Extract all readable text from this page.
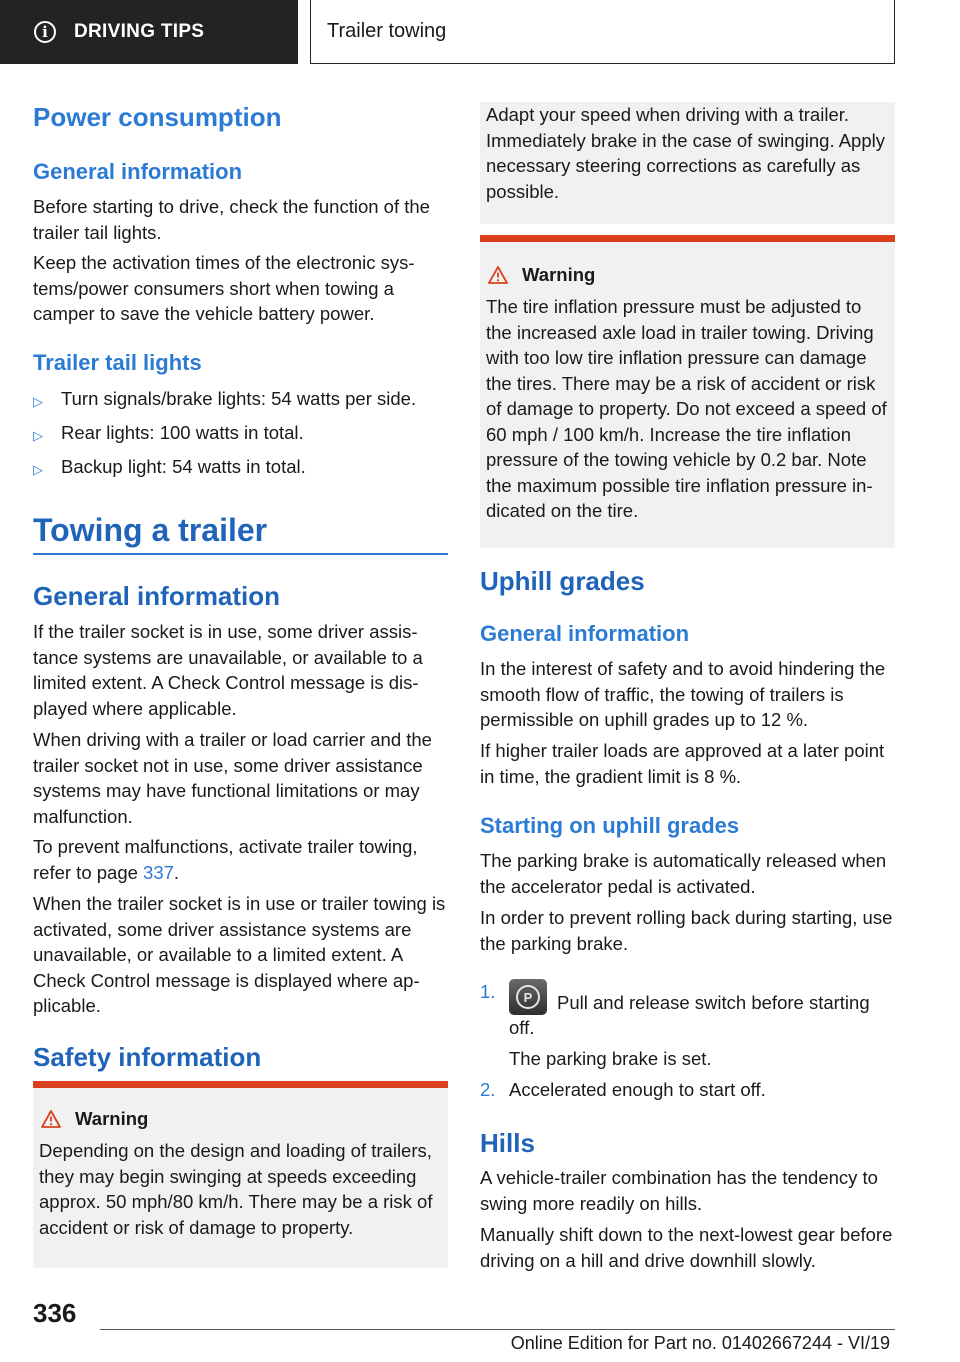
i	DRIVING TIPS	Trailer towing
Power consumption
General information

Before starting to drive, check the function of the trailer tail lights.

Keep the activation times of the electronic systems/power consumers short when towing a camper to save the vehicle battery power.

Trailer tail lights
▷ Turn signals/brake lights: 54 watts per side.
▷ Rear lights: 100 watts in total.
▷ Backup light: 54 watts in total.
Towing a trailer
General information

If the trailer socket is in use, some driver assistance systems are unavailable, or available to a limited extent. A Check Control message is displayed where applicable.

When driving with a trailer or load carrier and the trailer socket not in use, some driver assistance systems may have functional limitations or may malfunction.

To prevent malfunctions, activate trailer towing, refer to page 337.

When the trailer socket is in use or trailer towing is activated, some driver assistance systems are unavailable, or available to a limited extent. A Check Control message is displayed where applicable.

Safety information
Warning

Depending on the design and loading of trailers, they may begin swinging at speeds exceeding approx. 50 mph/80 km/h. There may be a risk of accident or risk of damage to property.

Adapt your speed when driving with a trailer. Immediately brake in the case of swinging. Apply necessary steering corrections as carefully as possible.

Warning

The tire inflation pressure must be adjusted to the increased axle load in trailer towing. Driving with too low tire inflation pressure can damage the tires. There may be a risk of accident or risk of damage to property. Do not exceed a speed of 60 mph / 100 km/h. Increase the tire inflation pressure of the towing vehicle by 0.2 bar. Note the maximum possible tire inflation pressure indicated on the tire.

Uphill grades
General information

In the interest of safety and to avoid hindering the smooth flow of traffic, the towing of trailers is permissible on uphill grades up to 12 %.

If higher trailer loads are approved at a later point in time, the gradient limit is 8 %.

Starting on uphill grades

The parking brake is automatically released when the accelerator pedal is activated.

In order to prevent rolling back during starting, use the parking brake.

1.	P	Pull and release switch before starting off.
The parking brake is set.
2. Accelerated enough to start off.
Hills

A vehicle-trailer combination has the tendency to swing more readily on hills.

Manually shift down to the next-lowest gear before driving on a hill and drive downhill slowly.

336
Online Edition for Part no. 01402667244 - VI/19
